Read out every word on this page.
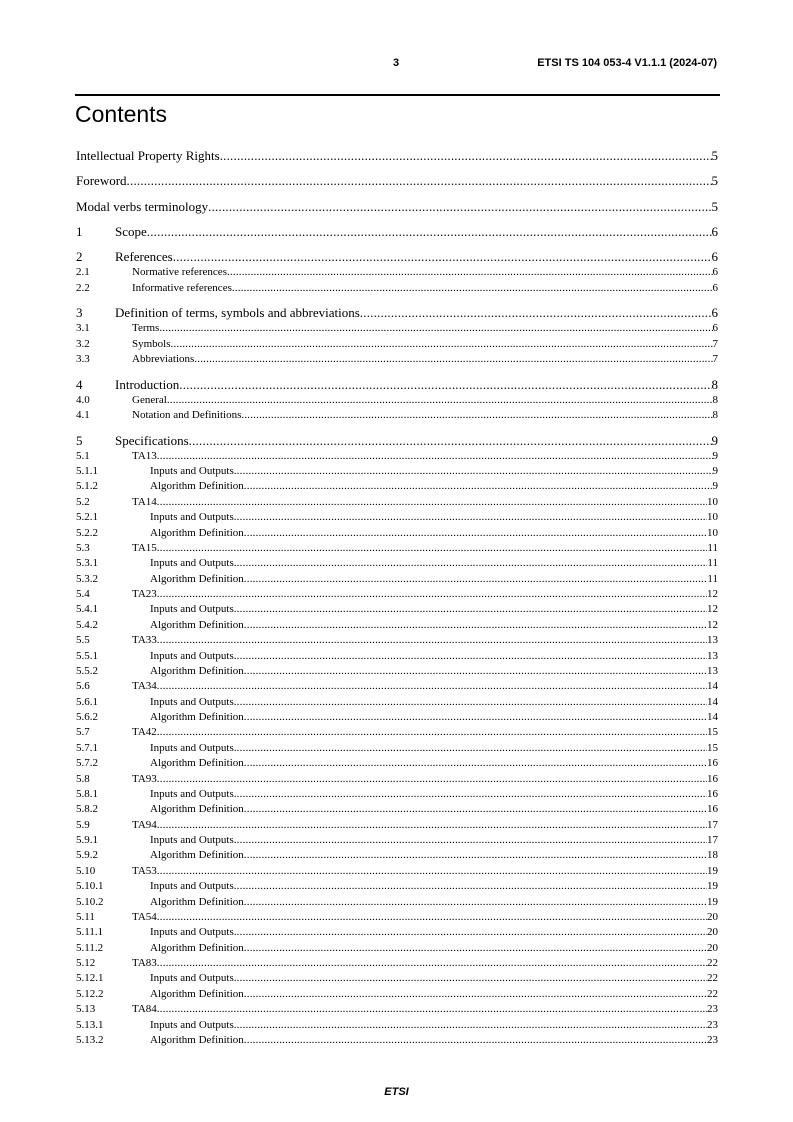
3	ETSI TS 104 053-4 V1.1.1 (2024-07)
Contents
Intellectual Property Rights .....	5
Foreword .....	5
Modal verbs terminology .....	5
1	Scope .....	6
2	References .....	6
2.1	Normative references .....	6
2.2	Informative references .....	6
3	Definition of terms, symbols and abbreviations .....	6
3.1	Terms .....	6
3.2	Symbols .....	7
3.3	Abbreviations .....	7
4	Introduction .....	8
4.0	General .....	8
4.1	Notation and Definitions .....	8
5	Specifications .....	9
5.1	TA13 .....	9
5.1.1	Inputs and Outputs .....	9
5.1.2	Algorithm Definition .....	9
5.2	TA14 .....	10
5.2.1	Inputs and Outputs .....	10
5.2.2	Algorithm Definition .....	10
5.3	TA15 .....	11
5.3.1	Inputs and Outputs .....	11
5.3.2	Algorithm Definition .....	11
5.4	TA23 .....	12
5.4.1	Inputs and Outputs .....	12
5.4.2	Algorithm Definition .....	12
5.5	TA33 .....	13
5.5.1	Inputs and Outputs .....	13
5.5.2	Algorithm Definition .....	13
5.6	TA34 .....	14
5.6.1	Inputs and Outputs .....	14
5.6.2	Algorithm Definition .....	14
5.7	TA42 .....	15
5.7.1	Inputs and Outputs .....	15
5.7.2	Algorithm Definition .....	16
5.8	TA93 .....	16
5.8.1	Inputs and Outputs .....	16
5.8.2	Algorithm Definition .....	16
5.9	TA94 .....	17
5.9.1	Inputs and Outputs .....	17
5.9.2	Algorithm Definition .....	18
5.10	TA53 .....	19
5.10.1	Inputs and Outputs .....	19
5.10.2	Algorithm Definition .....	19
5.11	TA54 .....	20
5.11.1	Inputs and Outputs .....	20
5.11.2	Algorithm Definition .....	20
5.12	TA83 .....	22
5.12.1	Inputs and Outputs .....	22
5.12.2	Algorithm Definition .....	22
5.13	TA84 .....	23
5.13.1	Inputs and Outputs .....	23
5.13.2	Algorithm Definition .....	23
ETSI
